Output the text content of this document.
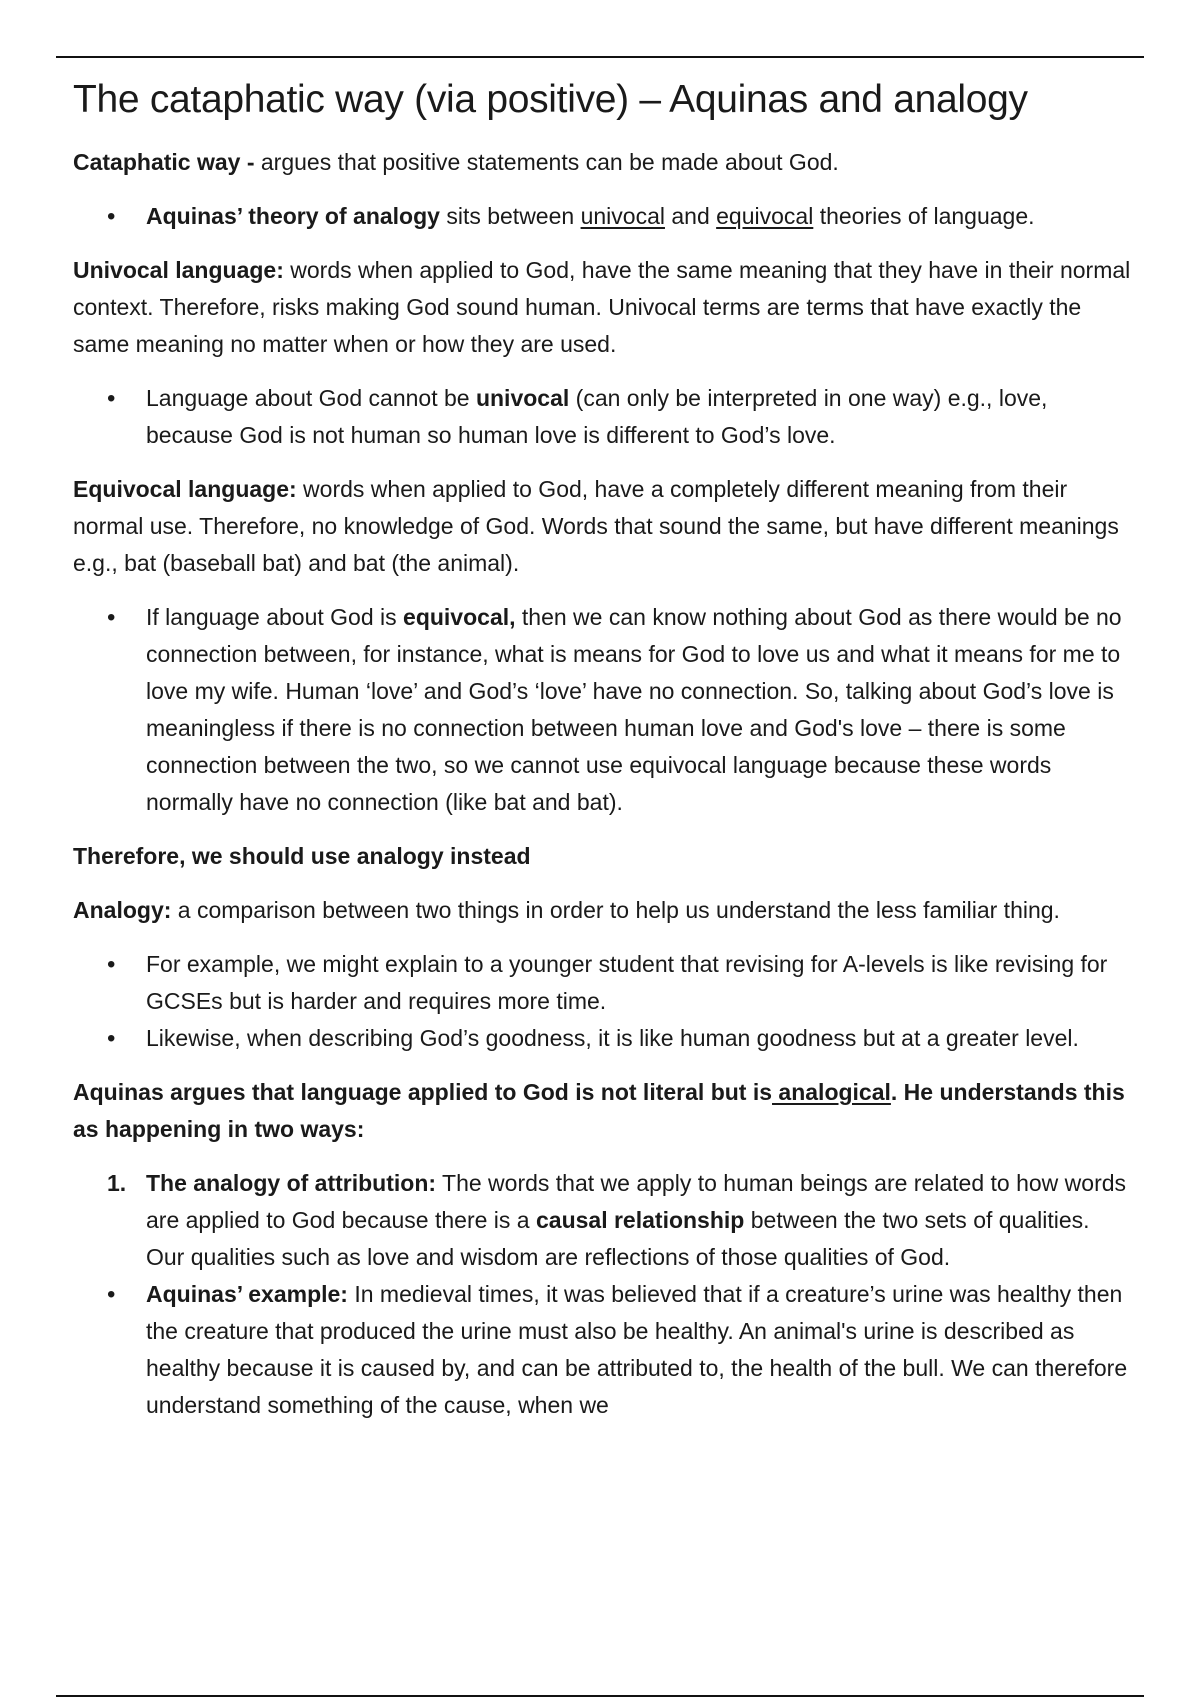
The cataphatic way (via positive) – Aquinas and analogy

Cataphatic way - argues that positive statements can be made about God.

•
Aquinas’ theory of analogy sits between univocal and equivocal theories of language.

Univocal language: words when applied to God, have the same meaning that they have in their normal context. Therefore, risks making God sound human. Univocal terms are terms that have exactly the same meaning no matter when or how they are used.

•
Language about God cannot be univocal (can only be interpreted in one way) e.g., love, because God is not human so human love is different to God’s love.

Equivocal language: words when applied to God, have a completely different meaning from their normal use. Therefore, no knowledge of God. Words that sound the same, but have different meanings e.g., bat (baseball bat) and bat (the animal).

•
If language about God is equivocal, then we can know nothing about God as there would be no connection between, for instance, what is means for God to love us and what it means for me to love my wife. Human ‘love’ and God’s ‘love’ have no connection. So, talking about God’s love is meaningless if there is no connection between human love and God's love – there is some connection between the two, so we cannot use equivocal language because these words normally have no connection (like bat and bat).

Therefore, we should use analogy instead

Analogy: a comparison between two things in order to help us understand the less familiar thing.

•
For example, we might explain to a younger student that revising for A-levels is like revising for GCSEs but is harder and requires more time.
•
Likewise, when describing God’s goodness, it is like human goodness but at a greater level.

Aquinas argues that language applied to God is not literal but is analogical. He understands this as happening in two ways:

1. The analogy of attribution: The words that we apply to human beings are related to how words are applied to God because there is a causal relationship between the two sets of qualities. Our qualities such as love and wisdom are reflections of those qualities of God.
•
Aquinas’ example: In medieval times, it was believed that if a creature’s urine was healthy then the creature that produced the urine must also be healthy. An animal's urine is described as healthy because it is caused by, and can be attributed to, the health of the bull. We can therefore understand something of the cause, when we
